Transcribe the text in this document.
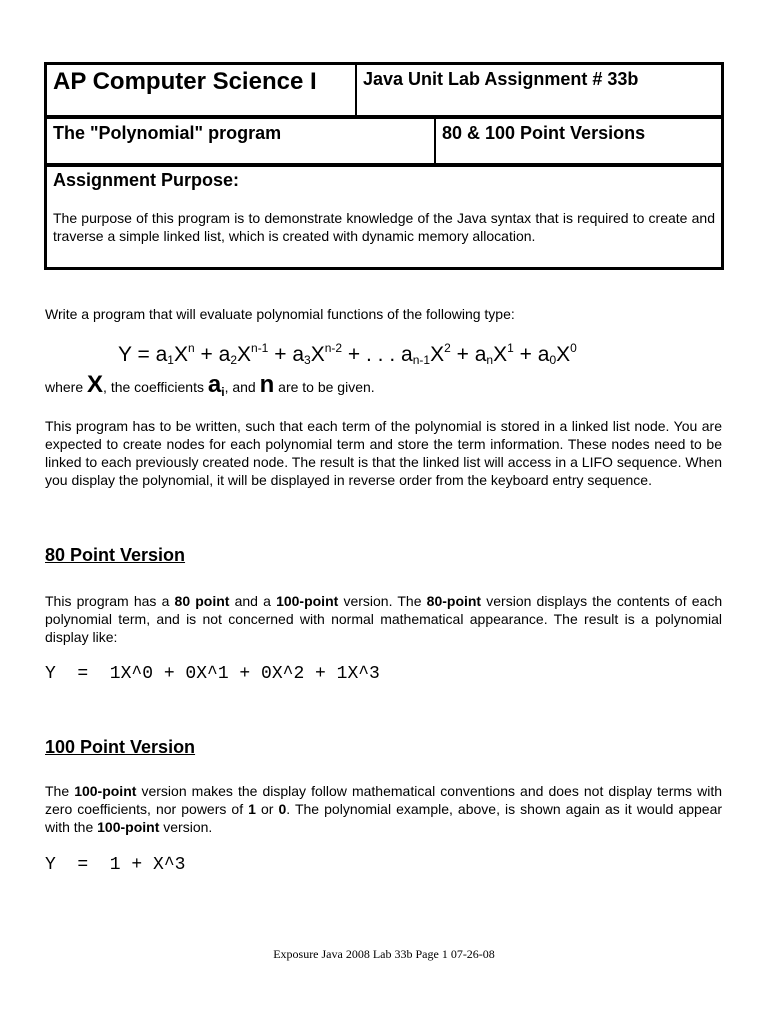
AP Computer Science I	Java Unit Lab Assignment # 33b
The "Polynomial" program	80 & 100 Point Versions
Assignment Purpose:
The purpose of this program is to demonstrate knowledge of the Java syntax that is required to create and traverse a simple linked list, which is created with dynamic memory allocation.
Write a program that will evaluate polynomial functions of the following type:
$Y = a_1X^n + a_2X^{n-1} + a_3X^{n-2}$ + . . . $a_{n-1}X^2 + a_nX^1 + a_0X^0$
where X, the coefficients $a_i$, and n are to be given.
This program has to be written, such that each term of the polynomial is stored in a linked list node. You are expected to create nodes for each polynomial term and store the term information. These nodes need to be linked to each previously created node. The result is that the linked list will access in a LIFO sequence. When you display the polynomial, it will be displayed in reverse order from the keyboard entry sequence.
80 Point Version
This program has a 80 point and a 100-point version. The 80-point version displays the contents of each polynomial term, and is not concerned with normal mathematical appearance. The result is a polynomial display like:
Y  =  1X^0 + 0X^1 + 0X^2 + 1X^3
100 Point Version
The 100-point version makes the display follow mathematical conventions and does not display terms with zero coefficients, nor powers of 1 or 0. The polynomial example, above, is shown again as it would appear with the 100-point version.
Y  =  1 + X^3
Exposure Java 2008 Lab 33b Page 1 07-26-08
